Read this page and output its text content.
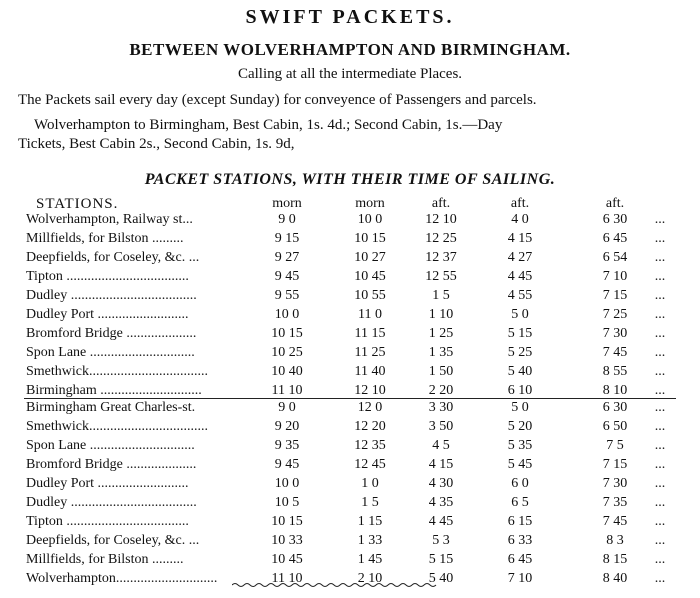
SWIFT PACKETS.
BETWEEN WOLVERHAMPTON AND BIRMINGHAM.
Calling at all the intermediate Places.
The Packets sail every day (except Sunday) for conveyence of Passengers and parcels.
Wolverhampton to Birmingham, Best Cabin, 1s. 4d.; Second Cabin, 1s.—Day
Tickets, Best Cabin 2s., Second Cabin, 1s. 9d,
PACKET STATIONS, WITH THEIR TIME OF SAILING.
STATIONS.	morn	morn	aft.	aft.	aft.
Wolverhampton, Railway st...	9 0	10 0	12 10	4 0	6 30	...
Millfields, for Bilston .........	9 15	10 15	12 25	4 15	6 45	...
Deepfields, for Coseley, &c. ...	9 27	10 27	12 37	4 27	6 54	...
Tipton ...................................	9 45	10 45	12 55	4 45	7 10	...
Dudley ....................................	9 55	10 55	1 5	4 55	7 15	...
Dudley Port ..........................	10 0	11 0	1 10	5 0	7 25	...
Bromford Bridge ....................	10 15	11 15	1 25	5 15	7 30	...
Spon Lane ..............................	10 25	11 25	1 35	5 25	7 45	...
Smethwick..................................	10 40	11 40	1 50	5 40	8 55	...
Birmingham .............................	11 10	12 10	2 20	6 10	8 10	...
Birmingham Great Charles-st.	9 0	12 0	3 30	5 0	6 30	...
Smethwick..................................	9 20	12 20	3 50	5 20	6 50	...
Spon Lane ..............................	9 35	12 35	4 5	5 35	7 5	...
Bromford Bridge ....................	9 45	12 45	4 15	5 45	7 15	...
Dudley Port ..........................	10 0	1 0	4 30	6 0	7 30	...
Dudley ....................................	10 5	1 5	4 35	6 5	7 35	...
Tipton ...................................	10 15	1 15	4 45	6 15	7 45	...
Deepfields, for Coseley, &c. ...	10 33	1 33	5 3	6 33	8 3	...
Millfields, for Bilston .........	10 45	1 45	5 15	6 45	8 15	...
Wolverhampton.............................	11 10	2 10	5 40	7 10	8 40	...
